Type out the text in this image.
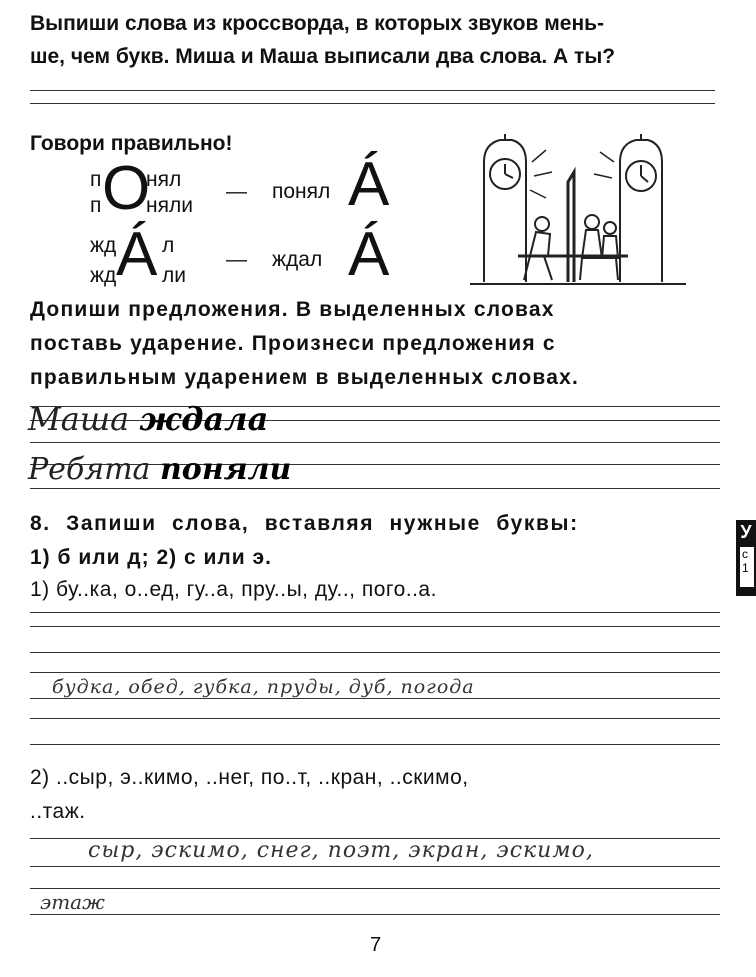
Выпиши слова из кроссворда, в которых звуков мень-
ше, чем букв. Миша и Маша выписали два слова. А ты?
Говори правильно!
п
п О
нял
няли
— понял Á
жд
жд Á л
ли
— ждал Á
Допиши предложения. В выделенных словах
поставь ударение. Произнеси предложения с
правильным ударением в выделенных словах.
Маша ждала
Ребята поняли
8. Запиши слова, вставляя нужные буквы:
1) б или д; 2) с или э.
1) бу..ка, о..ед, гу..а, пру..ы, ду.., пого..а.
будка, обед, губка, пруды, дуб, погода
2) ..сыр, э..кимо, ..нег, по..т, ..кран, ..скимо,
..таж.
сыр, эскимо, снег, поэт, экран, эскимо,
этаж
У
с
1
7
